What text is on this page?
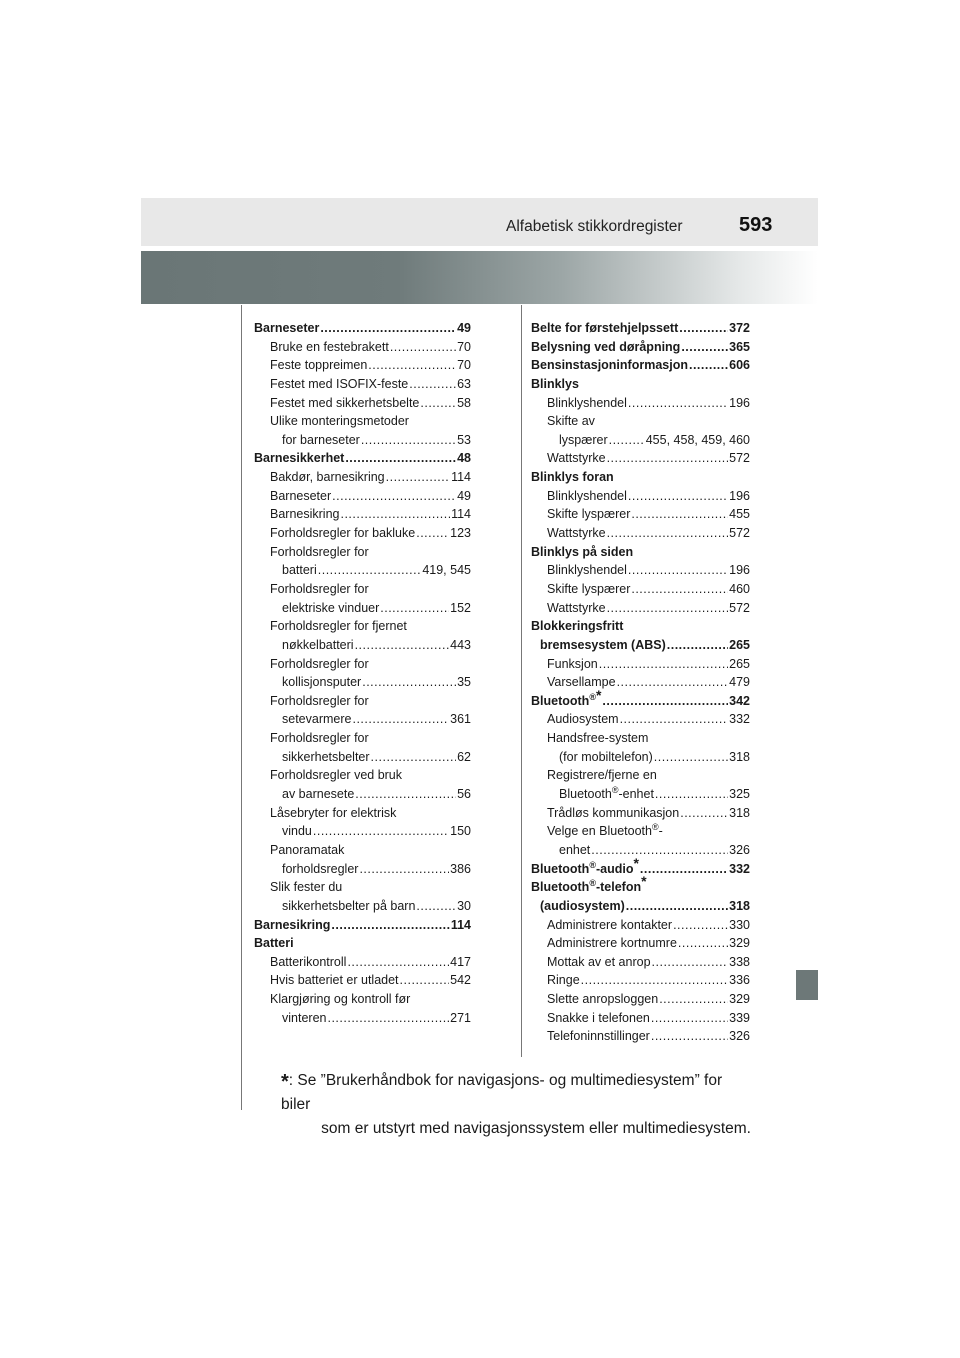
Alfabetisk stikkordregister	593
Barneseter .....	49
Bruke en festebrakett .....	70
Feste toppreimen .....	70
Festet med ISOFIX-feste .....	63
Festet med sikkerhetsbelte .....	58
Ulike monteringsmetoder
for barneseter .....	53
Barnesikkerhet .....	48
Bakdør, barnesikring .....	114
Barneseter .....	49
Barnesikring .....	114
Forholdsregler for bakluke .....	123
Forholdsregler for
batteri .....	419, 545
Forholdsregler for
elektriske vinduer .....	152
Forholdsregler for fjernet
nøkkelbatteri .....	443
Forholdsregler for
kollisjonsputer .....	35
Forholdsregler for
setevarmere .....	361
Forholdsregler for
sikkerhetsbelter .....	62
Forholdsregler ved bruk
av barnesete .....	56
Låsebryter for elektrisk
vindu .....	150
Panoramatak
forholdsregler .....	386
Slik fester du
sikkerhetsbelter på barn .....	30
Barnesikring .....	114
Batteri
Batterikontroll .....	417
Hvis batteriet er utladet .....	542
Klargjøring og kontroll før
vinteren .....	271
Belte for førstehjelpssett .....	372
Belysning ved døråpning .....	365
Bensinstasjoninformasjon .....	606
Blinklys
Blinklyshendel .....	196
Skifte av
lyspærer .....	455, 458, 459, 460
Wattstyrke .....	572
Blinklys foran
Blinklyshendel .....	196
Skifte lyspærer .....	455
Wattstyrke .....	572
Blinklys på siden
Blinklyshendel .....	196
Skifte lyspærer .....	460
Wattstyrke .....	572
Blokkeringsfritt
bremsesystem (ABS) .....	265
Funksjon .....	265
Varsellampe .....	479
Bluetooth®* .....	342
Audiosystem .....	332
Handsfree-system
(for mobiltelefon) .....	318
Registrere/fjerne en
Bluetooth®-enhet .....	325
Trådløs kommunikasjon .....	318
Velge en Bluetooth®-
enhet .....	326
Bluetooth®-audio* .....	332
Bluetooth®-telefon*
(audiosystem) .....	318
Administrere kontakter .....	330
Administrere kortnumre .....	329
Mottak av et anrop .....	338
Ringe .....	336
Slette anropsloggen .....	329
Snakke i telefonen .....	339
Telefoninnstillinger .....	326
*: Se ”Brukerhåndbok for navigasjons- og multimediesystem” for biler
som er utstyrt med navigasjonssystem eller multimediesystem.
